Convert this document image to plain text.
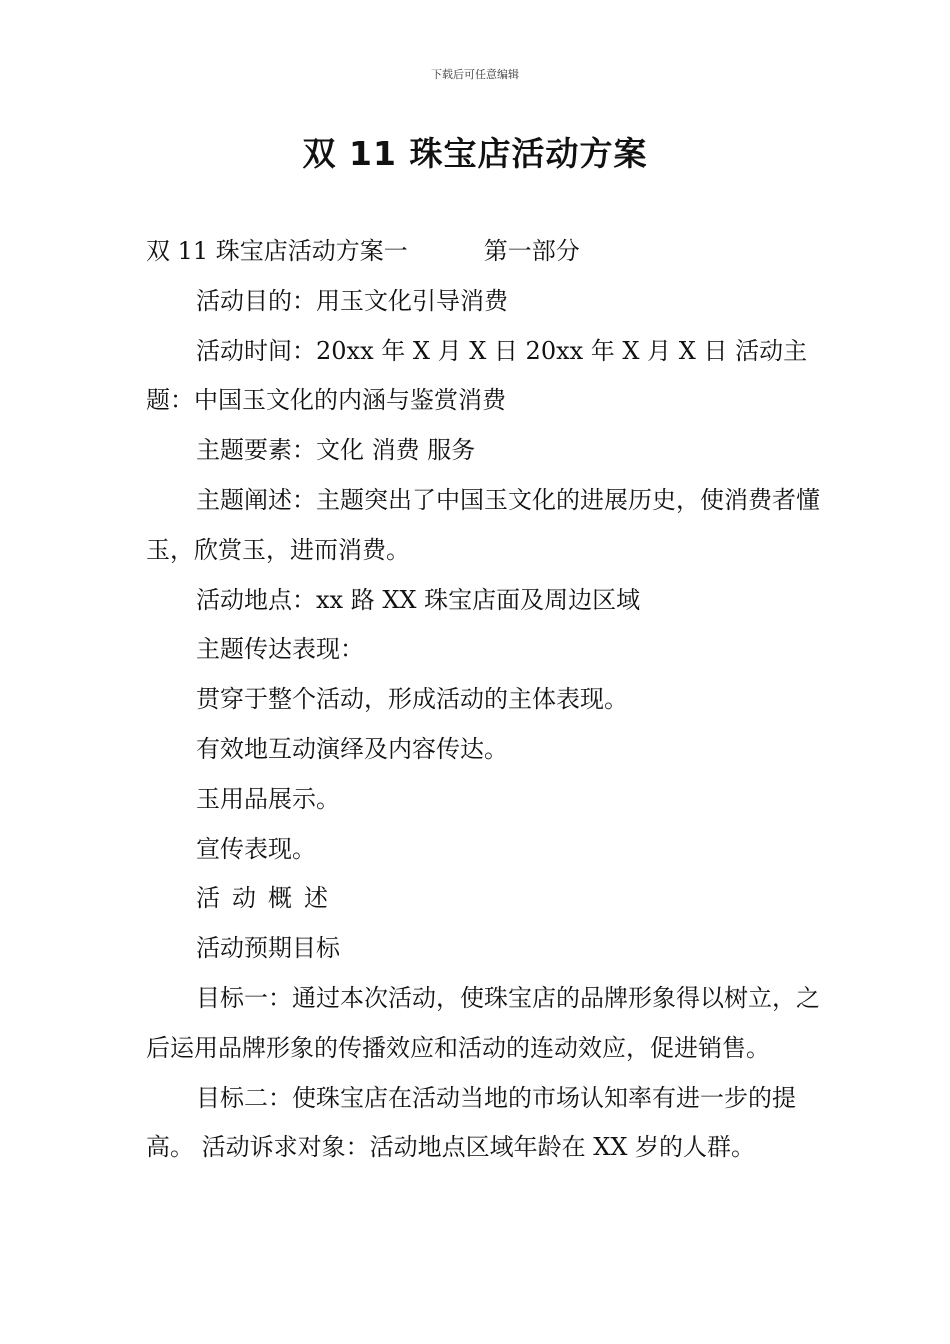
下载后可任意编辑
双 11 珠宝店活动方案

双 11 珠宝店活动方案一	第一部分

活动目的：用玉文化引导消费

活动时间：20xx 年 X 月 X 日 20xx 年 X 月 X 日 活动主题：中国玉文化的内涵与鉴赏消费

主题要素：文化 消费 服务

主题阐述：主题突出了中国玉文化的进展历史，使消费者懂玉，欣赏玉，进而消费。

活动地点：xx 路 XX 珠宝店面及周边区域

主题传达表现：

贯穿于整个活动，形成活动的主体表现。

有效地互动演绎及内容传达。

玉用品展示。

宣传表现。

活动概述

活动预期目标

目标一：通过本次活动，使珠宝店的品牌形象得以树立，之后运用品牌形象的传播效应和活动的连动效应，促进销售。

目标二：使珠宝店在活动当地的市场认知率有进一步的提高。 活动诉求对象：活动地点区域年龄在 XX 岁的人群。
